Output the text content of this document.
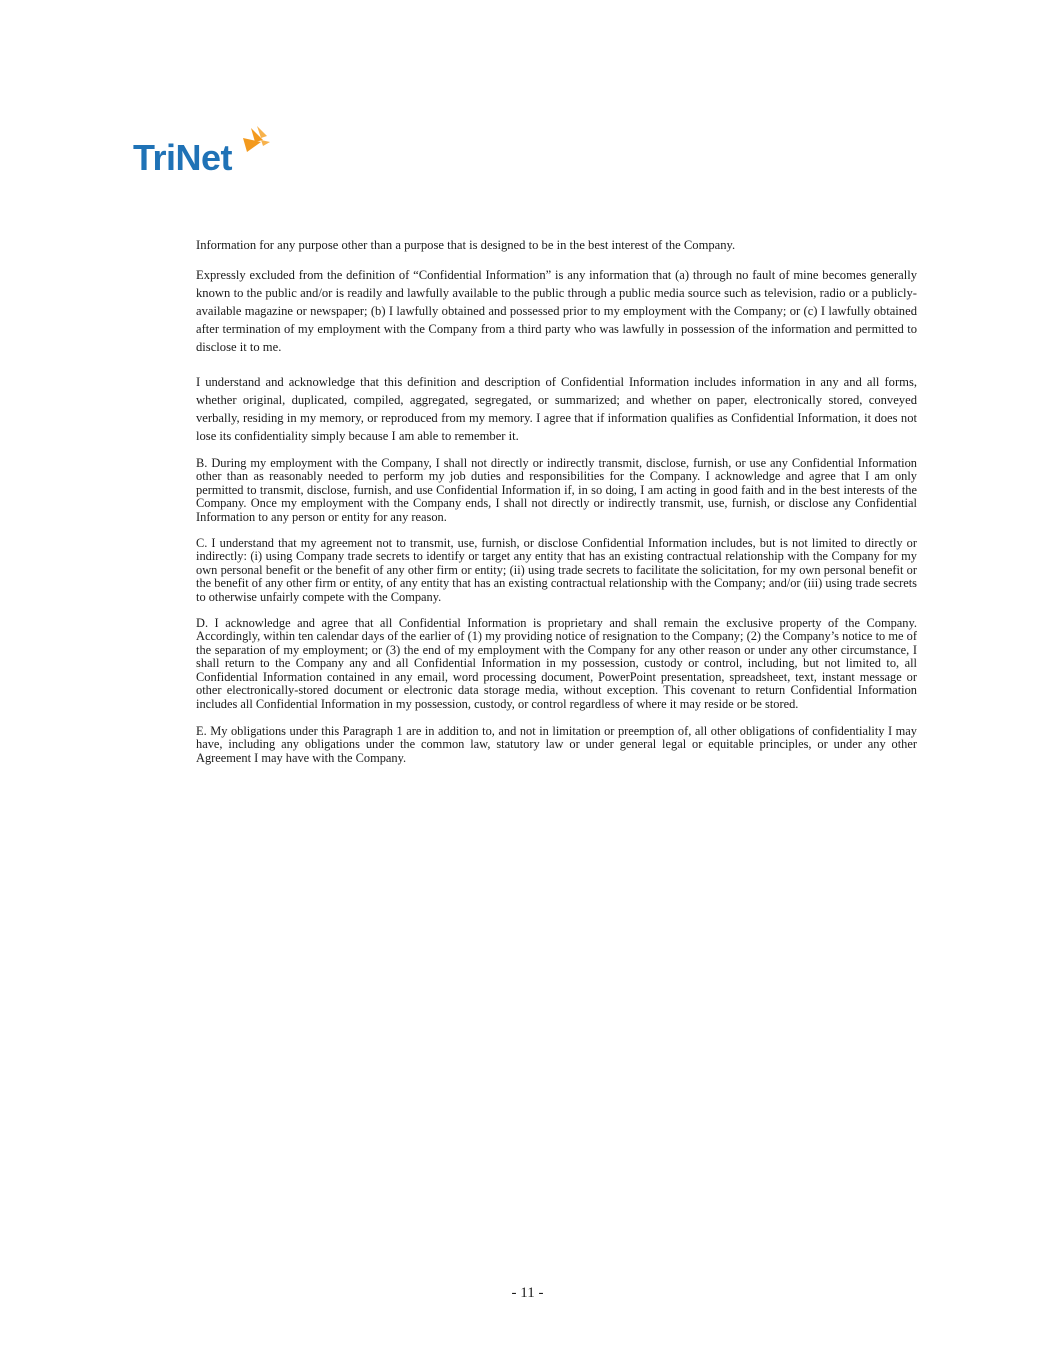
TriNet

Information for any purpose other than a purpose that is designed to be in the best interest of the Company.

Expressly excluded from the definition of “Confidential Information” is any information that (a) through no fault of mine becomes generally known to the public and/or is readily and lawfully available to the public through a public media source such as television, radio or a publicly-available magazine or newspaper; (b) I lawfully obtained and possessed prior to my employment with the Company; or (c) I lawfully obtained after termination of my employment with the Company from a third party who was lawfully in possession of the information and permitted to disclose it to me.

I understand and acknowledge that this definition and description of Confidential Information includes information in any and all forms, whether original, duplicated, compiled, aggregated, segregated, or summarized; and whether on paper, electronically stored, conveyed verbally, residing in my memory, or reproduced from my memory. I agree that if information qualifies as Confidential Information, it does not lose its confidentiality simply because I am able to remember it.

B. During my employment with the Company, I shall not directly or indirectly transmit, disclose, furnish, or use any Confidential Information other than as reasonably needed to perform my job duties and responsibilities for the Company. I acknowledge and agree that I am only permitted to transmit, disclose, furnish, and use Confidential Information if, in so doing, I am acting in good faith and in the best interests of the Company. Once my employment with the Company ends, I shall not directly or indirectly transmit, use, furnish, or disclose any Confidential Information to any person or entity for any reason.

C. I understand that my agreement not to transmit, use, furnish, or disclose Confidential Information includes, but is not limited to directly or indirectly: (i) using Company trade secrets to identify or target any entity that has an existing contractual relationship with the Company for my own personal benefit or the benefit of any other firm or entity; (ii) using trade secrets to facilitate the solicitation, for my own personal benefit or the benefit of any other firm or entity, of any entity that has an existing contractual relationship with the Company; and/or (iii) using trade secrets to otherwise unfairly compete with the Company.

D. I acknowledge and agree that all Confidential Information is proprietary and shall remain the exclusive property of the Company. Accordingly, within ten calendar days of the earlier of (1) my providing notice of resignation to the Company; (2) the Company’s notice to me of the separation of my employment; or (3) the end of my employment with the Company for any other reason or under any other circumstance, I shall return to the Company any and all Confidential Information in my possession, custody or control, including, but not limited to, all Confidential Information contained in any email, word processing document, PowerPoint presentation, spreadsheet, text, instant message or other electronically-stored document or electronic data storage media, without exception. This covenant to return Confidential Information includes all Confidential Information in my possession, custody, or control regardless of where it may reside or be stored.

E. My obligations under this Paragraph 1 are in addition to, and not in limitation or preemption of, all other obligations of confidentiality I may have, including any obligations under the common law, statutory law or under general legal or equitable principles, or under any other Agreement I may have with the Company.

- 11 -
